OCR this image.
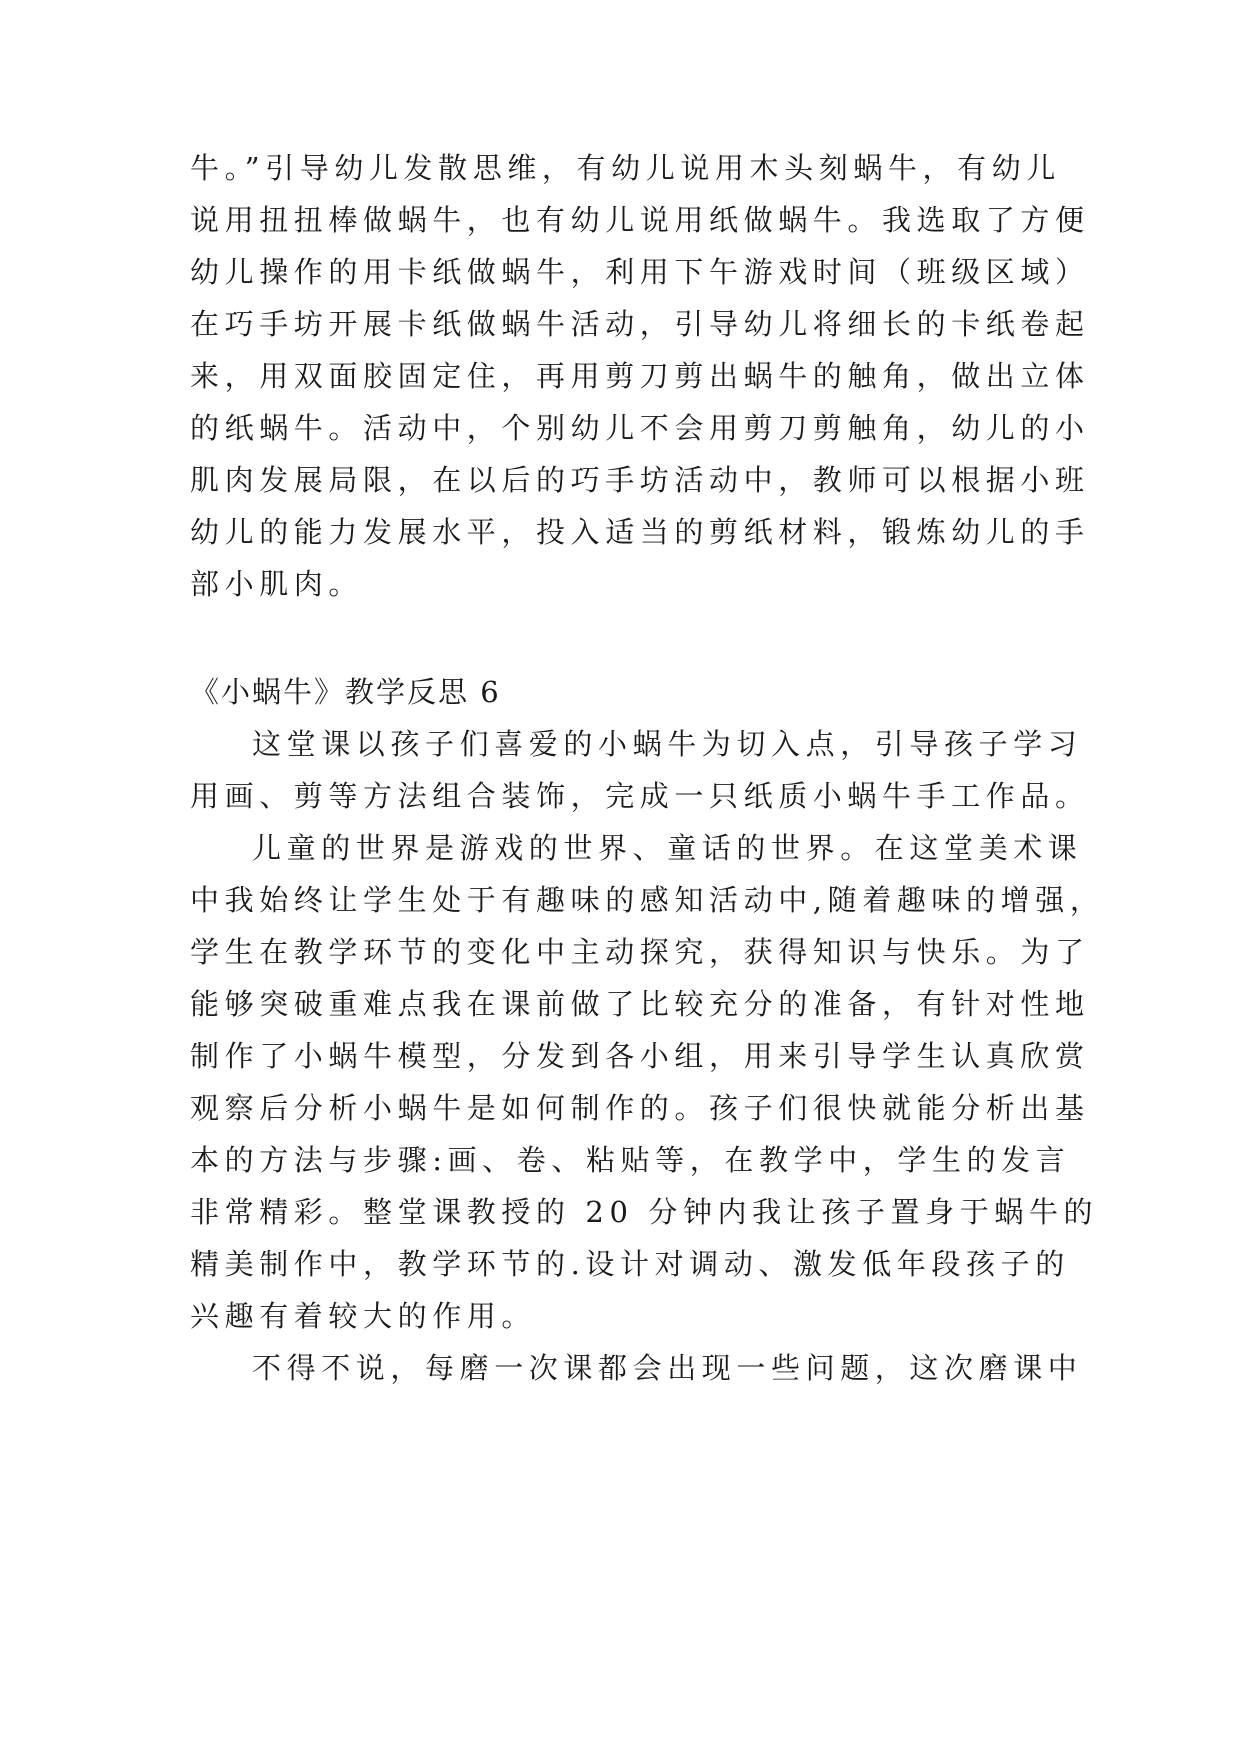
牛。”引导幼儿发散思维，有幼儿说用木头刻蜗牛，有幼儿
说用扭扭棒做蜗牛，也有幼儿说用纸做蜗牛。我选取了方便
幼儿操作的用卡纸做蜗牛，利用下午游戏时间（班级区域）
在巧手坊开展卡纸做蜗牛活动，引导幼儿将细长的卡纸卷起
来，用双面胶固定住，再用剪刀剪出蜗牛的触角，做出立体
的纸蜗牛。活动中，个别幼儿不会用剪刀剪触角，幼儿的小
肌肉发展局限，在以后的巧手坊活动中，教师可以根据小班
幼儿的能力发展水平，投入适当的剪纸材料，锻炼幼儿的手
部小肌肉。
《小蜗牛》教学反思 6
这堂课以孩子们喜爱的小蜗牛为切入点，引导孩子学习
用画、剪等方法组合装饰，完成一只纸质小蜗牛手工作品。
儿童的世界是游戏的世界、童话的世界。在这堂美术课
中我始终让学生处于有趣味的感知活动中,随着趣味的增强，
学生在教学环节的变化中主动探究，获得知识与快乐。为了
能够突破重难点我在课前做了比较充分的准备，有针对性地
制作了小蜗牛模型，分发到各小组，用来引导学生认真欣赏
观察后分析小蜗牛是如何制作的。孩子们很快就能分析出基
本的方法与步骤:画、卷、粘贴等，在教学中，学生的发言
非常精彩。整堂课教授的 20 分钟内我让孩子置身于蜗牛的
精美制作中，教学环节的.设计对调动、激发低年段孩子的
兴趣有着较大的作用。
不得不说，每磨一次课都会出现一些问题，这次磨课中
